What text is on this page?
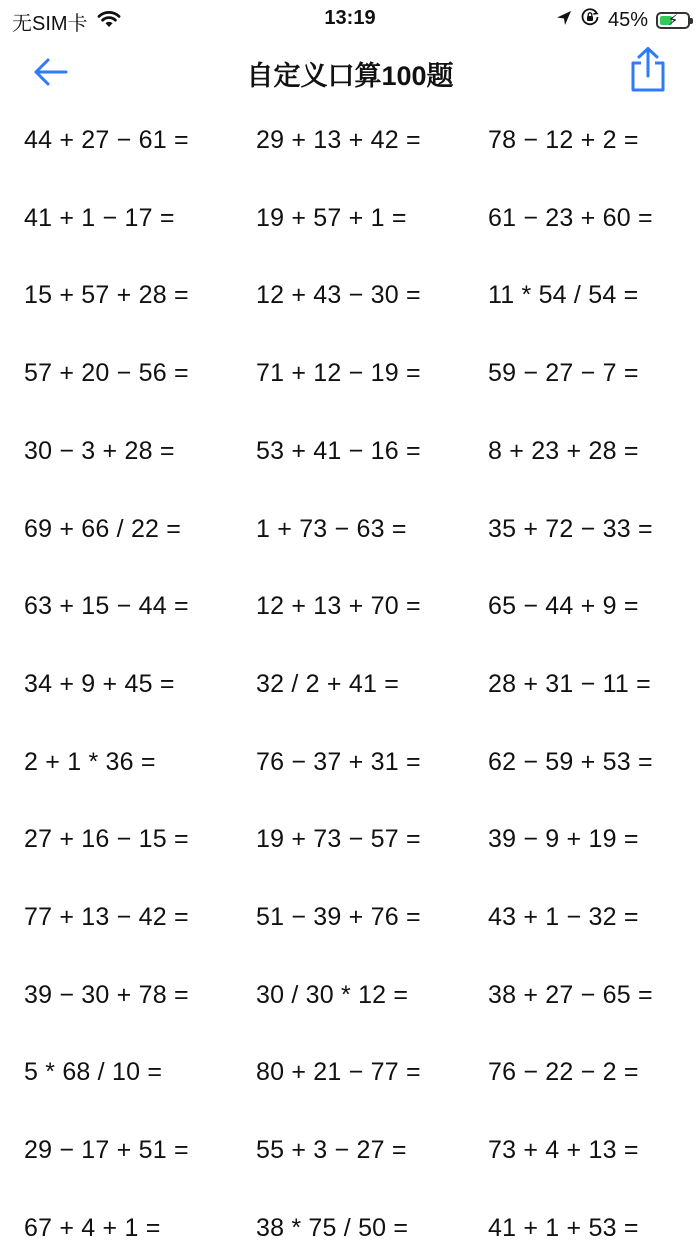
无SIM卡	13:19	45%	⚡
自定义口算100题
44 + 27 − 61 =	29 + 13 + 42 =	78 − 12 + 2 =
41 + 1 − 17 =	19 + 57 + 1 =	61 − 23 + 60 =
15 + 57 + 28 =	12 + 43 − 30 =	11 * 54 / 54 =
57 + 20 − 56 =	71 + 12 − 19 =	59 − 27 − 7 =
30 − 3 + 28 =	53 + 41 − 16 =	8 + 23 + 28 =
69 + 66 / 22 =	1 + 73 − 63 =	35 + 72 − 33 =
63 + 15 − 44 =	12 + 13 + 70 =	65 − 44 + 9 =
34 + 9 + 45 =	32 / 2 + 41 =	28 + 31 − 11 =
2 + 1 * 36 =	76 − 37 + 31 =	62 − 59 + 53 =
27 + 16 − 15 =	19 + 73 − 57 =	39 − 9 + 19 =
77 + 13 − 42 =	51 − 39 + 76 =	43 + 1 − 32 =
39 − 30 + 78 =	30 / 30 * 12 =	38 + 27 − 65 =
5 * 68 / 10 =	80 + 21 − 77 =	76 − 22 − 2 =
29 − 17 + 51 =	55 + 3 − 27 =	73 + 4 + 13 =
67 + 4 + 1 =	38 * 75 / 50 =	41 + 1 + 53 =
